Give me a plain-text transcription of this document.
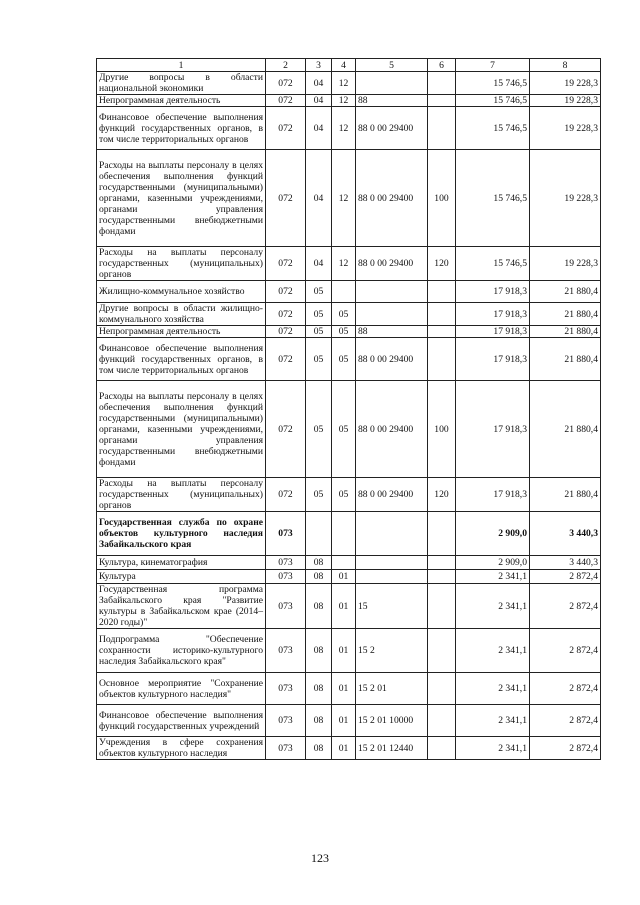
1	2	3	4	5	6	7	8
Другие вопросы в области национальной экономики	072	04	12			15 746,5	19 228,3
Непрограммная деятельность	072	04	12	88		15 746,5	19 228,3
Финансовое обеспечение выполнения функций государственных органов, в том числе территориальных органов	072	04	12	88 0 00 29400		15 746,5	19 228,3
Расходы на выплаты персоналу в целях обеспечения выполнения функций государственными (муниципальными) органами, казенными учреждениями, органами управления государственными внебюджетными фондами	072	04	12	88 0 00 29400	100	15 746,5	19 228,3
Расходы на выплаты персоналу государственных (муниципальных) органов	072	04	12	88 0 00 29400	120	15 746,5	19 228,3
Жилищно-коммунальное хозяйство	072	05				17 918,3	21 880,4
Другие вопросы в области жилищно-коммунального хозяйства	072	05	05			17 918,3	21 880,4
Непрограммная деятельность	072	05	05	88		17 918,3	21 880,4
Финансовое обеспечение выполнения функций государственных органов, в том числе территориальных органов	072	05	05	88 0 00 29400		17 918,3	21 880,4
Расходы на выплаты персоналу в целях обеспечения выполнения функций государственными (муниципальными) органами, казенными учреждениями, органами управления государственными внебюджетными фондами	072	05	05	88 0 00 29400	100	17 918,3	21 880,4
Расходы на выплаты персоналу государственных (муниципальных) органов	072	05	05	88 0 00 29400	120	17 918,3	21 880,4
Государственная служба по охране объектов культурного наследия Забайкальского края	073					2 909,0	3 440,3
Культура, кинематография	073	08				2 909,0	3 440,3
Культура	073	08	01			2 341,1	2 872,4
Государственная программа Забайкальского края "Развитие культуры в Забайкальском крае (2014–2020 годы)"	073	08	01	15		2 341,1	2 872,4
Подпрограмма "Обеспечение сохранности историко-культурного наследия Забайкальского края"	073	08	01	15 2		2 341,1	2 872,4
Основное мероприятие "Сохранение объектов культурного наследия"	073	08	01	15 2 01		2 341,1	2 872,4
Финансовое обеспечение выполнения функций государственных учреждений	073	08	01	15 2 01 10000		2 341,1	2 872,4
Учреждения в сфере сохранения объектов культурного наследия	073	08	01	15 2 01 12440		2 341,1	2 872,4
123
